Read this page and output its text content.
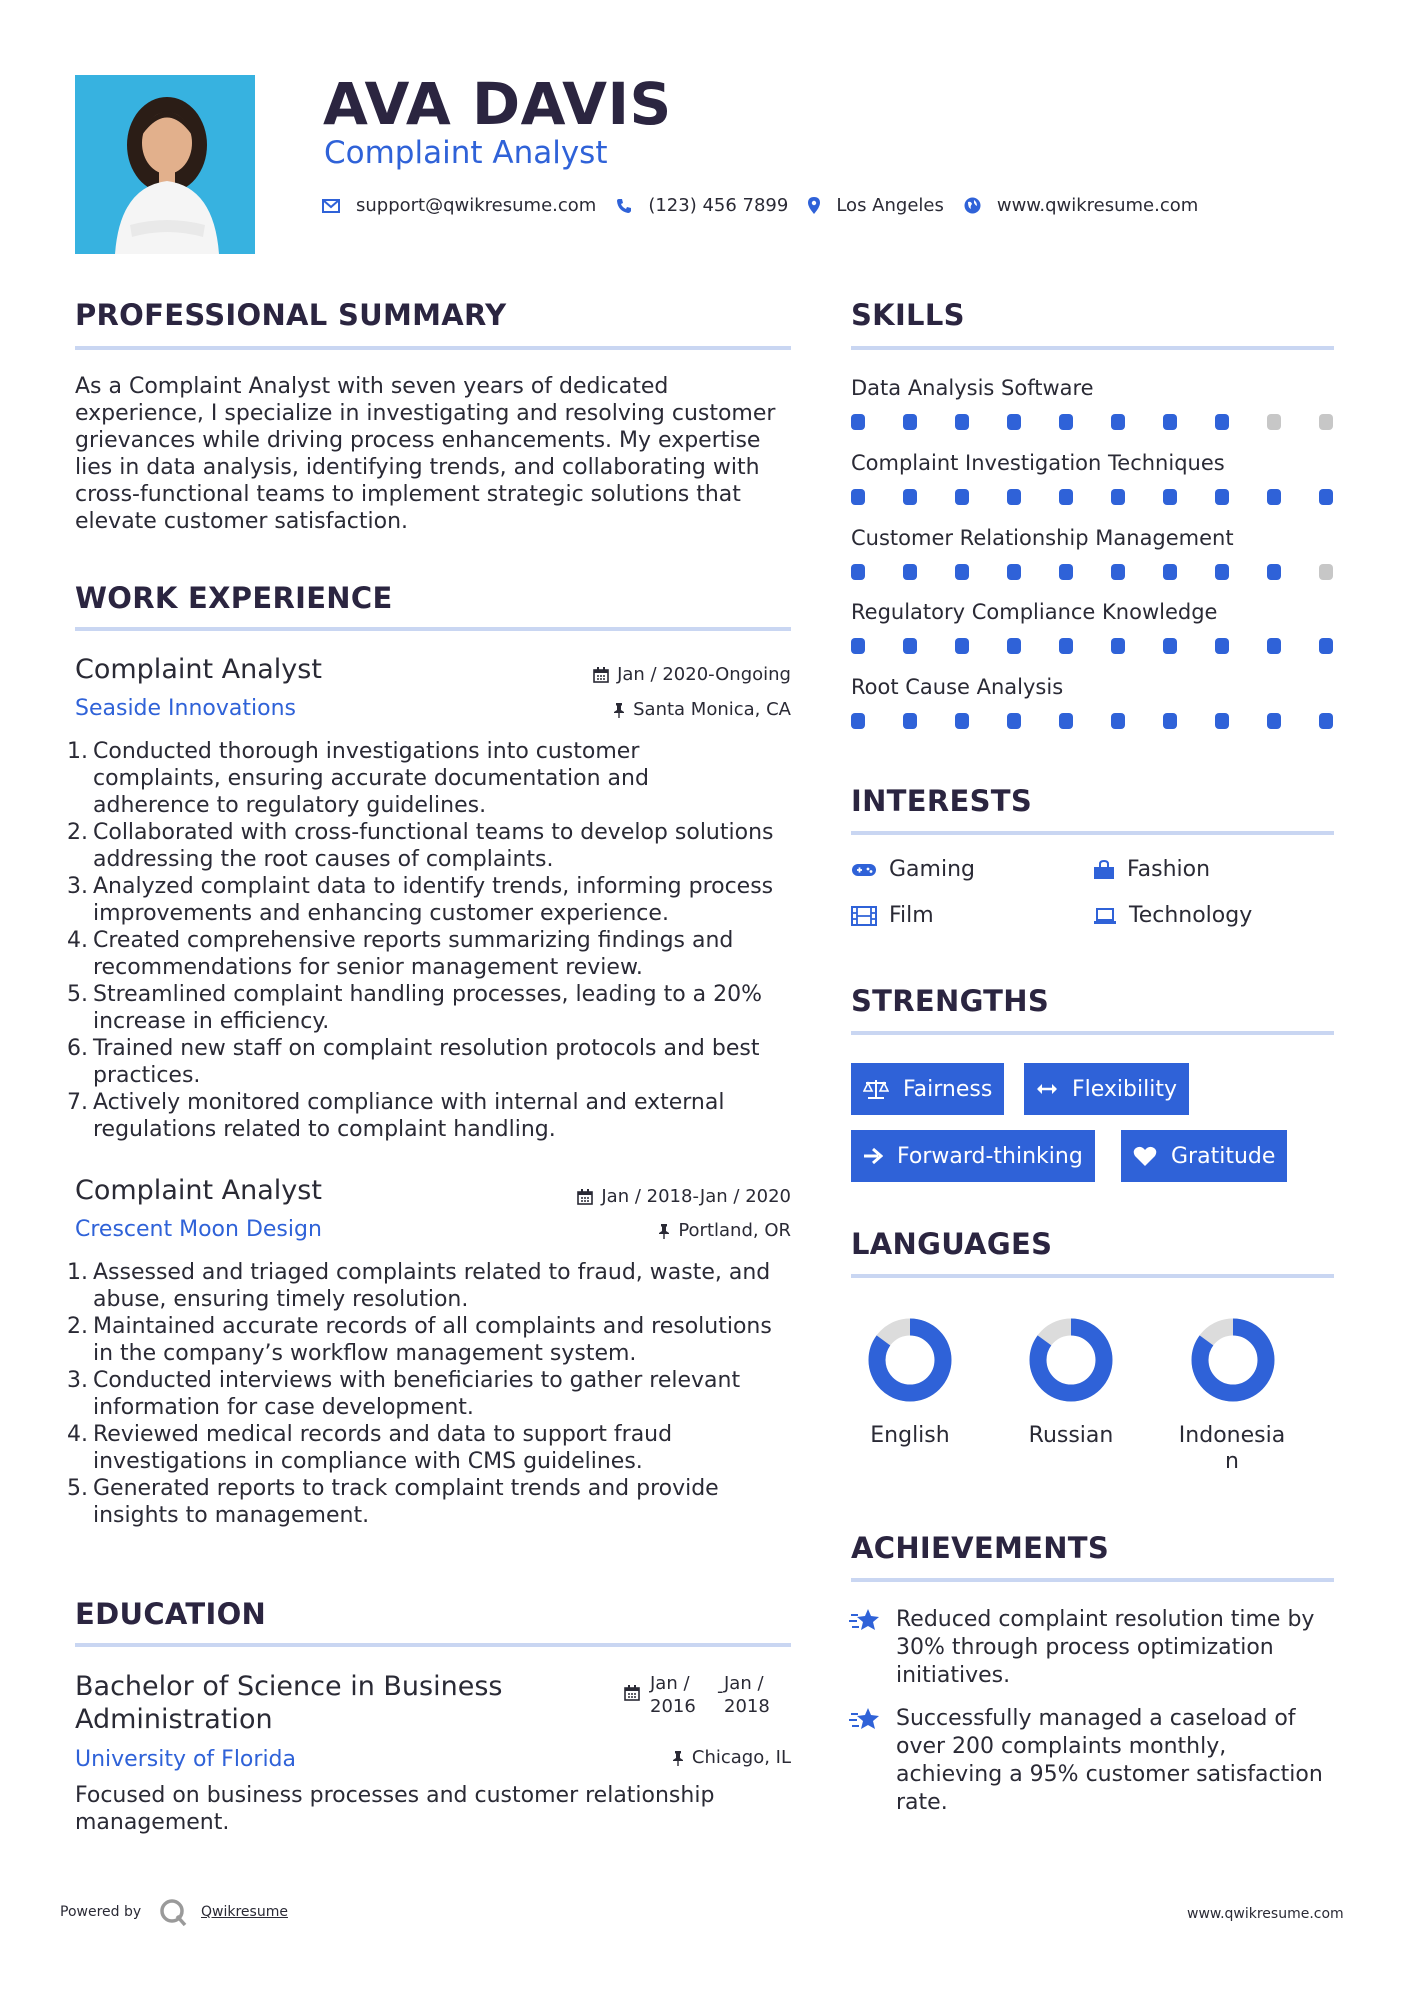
AVA DAVIS
Complaint Analyst
support@qwikresume.com	(123) 456 7899	Los Angeles	www.qwikresume.com
PROFESSIONAL SUMMARY
As a Complaint Analyst with seven years of dedicated
experience, I specialize in investigating and resolving customer
grievances while driving process enhancements. My expertise
lies in data analysis, identifying trends, and collaborating with
cross-functional teams to implement strategic solutions that
elevate customer satisfaction.
WORK EXPERIENCE
Complaint Analyst	Jan / 2020-Ongoing
Seaside Innovations	Santa Monica, CA
1. Conducted thorough investigations into customer
complaints, ensuring accurate documentation and
adherence to regulatory guidelines.
2. Collaborated with cross-functional teams to develop solutions
addressing the root causes of complaints.
3. Analyzed complaint data to identify trends, informing process
improvements and enhancing customer experience.
4. Created comprehensive reports summarizing findings and
recommendations for senior management review.
5. Streamlined complaint handling processes, leading to a 20%
increase in efficiency.
6. Trained new staff on complaint resolution protocols and best
practices.
7. Actively monitored compliance with internal and external
regulations related to complaint handling.
Complaint Analyst	Jan / 2018-Jan / 2020
Crescent Moon Design	Portland, OR
1. Assessed and triaged complaints related to fraud, waste, and
abuse, ensuring timely resolution.
2. Maintained accurate records of all complaints and resolutions
in the company’s workflow management system.
3. Conducted interviews with beneficiaries to gather relevant
information for case development.
4. Reviewed medical records and data to support fraud
investigations in compliance with CMS guidelines.
5. Generated reports to track complaint trends and provide
insights to management.
EDUCATION
Bachelor of Science in Business
Administration
Jan /
2016
- Jan /
2018
University of Florida	Chicago, IL
Focused on business processes and customer relationship
management.
SKILLS
Data Analysis Software
Complaint Investigation Techniques
Customer Relationship Management
Regulatory Compliance Knowledge
Root Cause Analysis
INTERESTS
Gaming	Fashion
Film	Technology
STRENGTHS
Fairness	Flexibility
Forward-thinking	Gratitude
LANGUAGES
English	Russian	Indonesia
n
ACHIEVEMENTS
Reduced complaint resolution time by
30% through process optimization
initiatives.
Successfully managed a caseload of
over 200 complaints monthly,
achieving a 95% customer satisfaction
rate.
Powered by	Qwikresume	www.qwikresume.com
